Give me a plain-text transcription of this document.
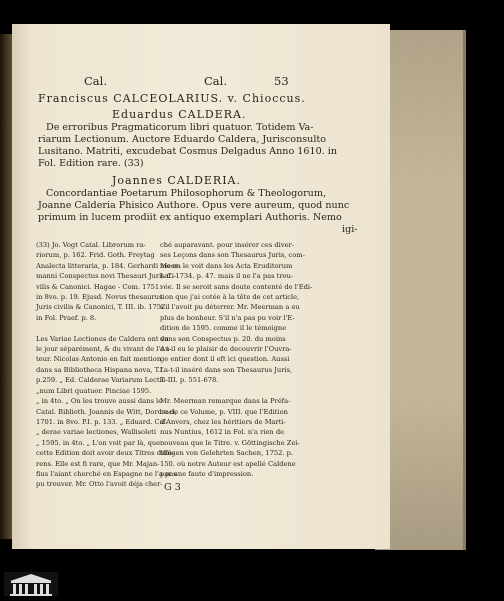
Cal.	Cal.	53
Franciscus CALCEOLARIUS. v. Chioccus.
Eduardus CALDERA.
De erroribus Pragmaticorum libri quatuor. Totidem Va-
riarum Lectionum. Auctore Eduardo Caldera, Jurisconsulto
Lusitano. Matriti, excudebat Cosmus Delgadus Anno 1610. in
Fol. Edition rare. (33)
Joannes CALDERIA.
Concordantiae Poetarum Philosophorum & Theologorum,
Joanne Calderia Phisico Authore. Opus vere aureum, quod nunc
primum in lucem prodiit ex antiquo exemplari Authoris. Nemo
igi-
(33) Jo. Vogt Catal. Librorum ra-
riorum, p. 162. Frid. Goth. Freytag
Analecta litteraria, p. 184. Gerhardi Meer-
manni Conspectus novi Thesauri Juris Ci-
vilis & Canonici. Hagae - Com. 1751.
in 8vo. p. 19. Ejusd. Novus thesaurus
Juris civilis & Canonici, T. III. ib. 1752.
in Fol. Praef. p. 8.

Les Variae Lectiones de Caldera ont vu
le jour séparément, & du vivant de l'Au-
teur. Nicolas Antonio en fait mention
dans sa Bibliotheca Hispana nova, T.I.
p.259. „ Ed. Calderae Variarum Lectio-
„num Libri quatuor. Pinciae 1595.
„ in 4to. „ On les trouve aussi dans le
Catal. Biblioth. Joannis de Witt, Dordraci,
1701. in 8vo. P.I. p. 133. „ Eduard. Cal-
„ derae variae lectiones, Wallisoleti
„ 1595. in 4to. „ L'on voit par là, que
cette Edition doit avoir deux Titres diffé-
rens. Elle est fi rare, que Mr. Majan-
fius l'aiant cherché en Espagne ne l'a pas
pu trouver. Mr. Otto l'avoit déja cher-
ché auparavant. pour insérer ces diver-
ses Leçons dans son Thesaurus Juris, com-
me on le voit dans les Acta Eruditorum
Lat. 1734. p. 47. mais il ne l'a pas trou-
vée. Il se seroit sans doute contenté de l'Edi-
tion que j'ai cotée à la tête de cet article,
s'il l'avoit pu déterrer. Mr. Meerman a eu
plus de bonheur. S'il n'a pas pu voir l'E-
dition de 1595. comme il le témoigne
dans son Conspectus p. 20. du moins
a t-il eu le plaisir de decouvrir l'Ouvra-
ge entier dont il eft ici question. Aussi
l'a-t-il inséré dans son Thesaurus Juris,
T. III. p. 551-678.

Mr. Meerman remarque dans la Préfa-
ce de ce Volume, p. VIII. que l'Edition
d'Anvers, chez les héritiers de Marti-
nus Nuntius, 1612 in Fol. n'a rien de
nouveau que le Titre. v. Göttingische Zei-
tungen von Gelehrten Sachen, 1752. p.
150. où notre Auteur est apellé Caldene
par une faute d'impression.
G 3
